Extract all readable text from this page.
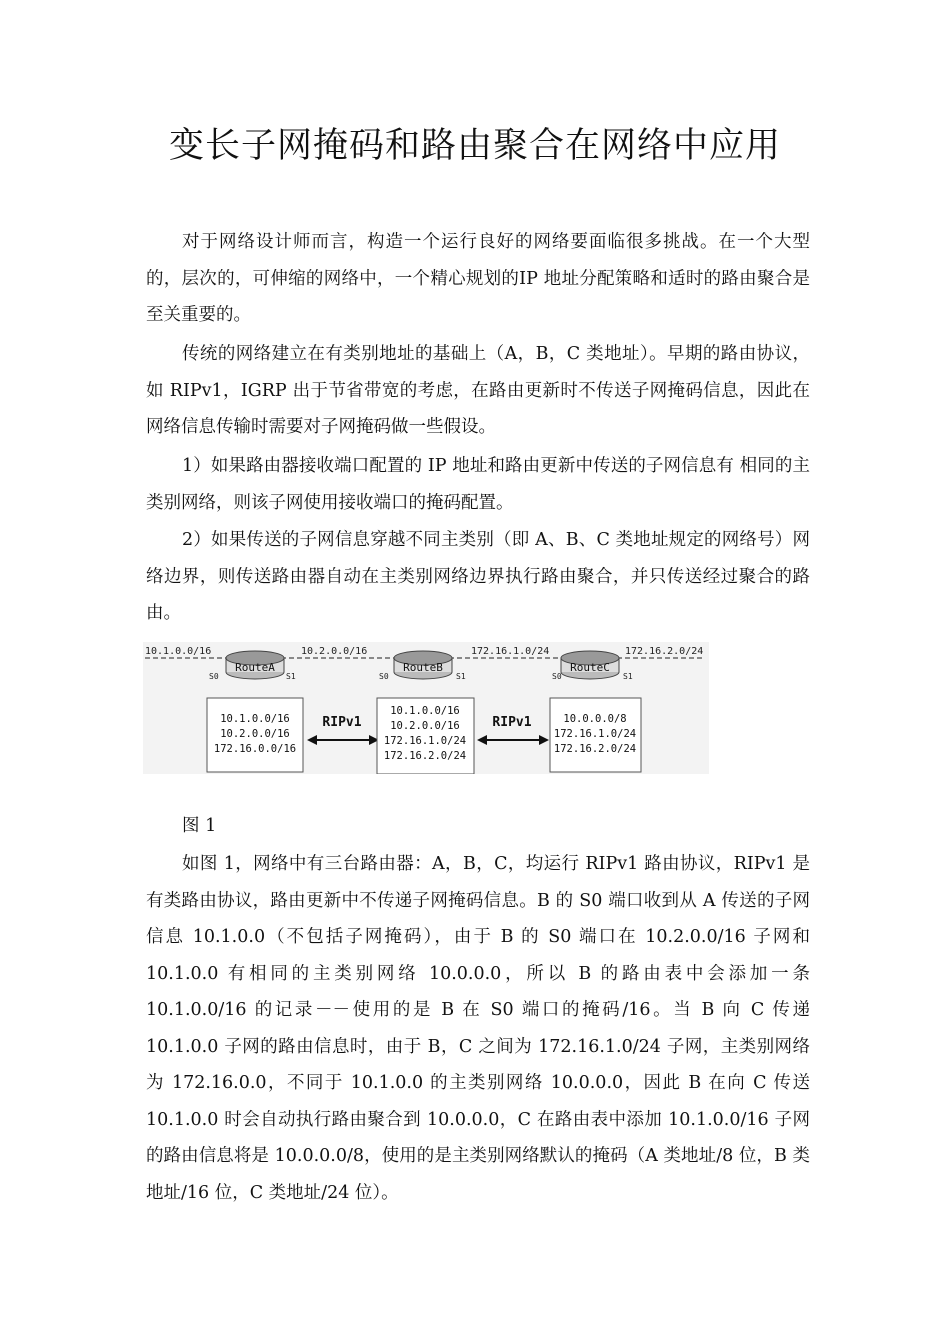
变长子网掩码和路由聚合在网络中应用

对于网络设计师而言，构造一个运行良好的网络要面临很多挑战。在一个大型的，层次的，可伸缩的网络中，一个精心规划的IP 地址分配策略和适时的路由聚合是至关重要的。

传统的网络建立在有类别地址的基础上（A，B，C 类地址）。早期的路由协议，如 RIPv1，IGRP 出于节省带宽的考虑，在路由更新时不传送子网掩码信息，因此在网络信息传输时需要对子网掩码做一些假设。

1）如果路由器接收端口配置的 IP 地址和路由更新中传送的子网信息有 相同的主类别网络，则该子网使用接收端口的掩码配置。

2）如果传送的子网信息穿越不同主类别（即 A、B、C 类地址规定的网络号）网络边界，则传送路由器自动在主类别网络边界执行路由聚合，并只传送经过聚合的路由。

10.1.0.0/16	10.2.0.0/16	172.16.1.0/24	172.16.2.0/24
RouteA
S0	S1
RouteB
S0	S1
RouteC
S0	S1
10.1.0.0/16
10.2.0.0/16
172.16.0.0/16
RIPv1
10.1.0.0/16
10.2.0.0/16
172.16.1.0/24
172.16.2.0/24
RIPv1	10.0.0.0/8
172.16.1.0/24
172.16.2.0/24

图 1

如图 1，网络中有三台路由器：A，B，C，均运行 RIPv1 路由协议，RIPv1 是有类路由协议，路由更新中不传递子网掩码信息。B 的 S0 端口收到从 A 传送的子网信息 10.1.0.0（不包括子网掩码），由于 B 的 S0 端口在 10.2.0.0/16 子网和 10.1.0.0 有相同的主类别网络 10.0.0.0，所以 B 的路由表中会添加一条 10.1.0.0/16 的记录－－使用的是 B 在 S0 端口的掩码/16。当 B 向 C 传递 10.1.0.0 子网的路由信息时，由于 B，C 之间为 172.16.1.0/24 子网，主类别网络为 172.16.0.0，不同于 10.1.0.0 的主类别网络 10.0.0.0，因此 B 在向 C 传送 10.1.0.0 时会自动执行路由聚合到 10.0.0.0，C 在路由表中添加 10.1.0.0/16 子网的路由信息将是 10.0.0.0/8，使用的是主类别网络默认的掩码（A 类地址/8 位，B 类地址/16 位，C 类地址/24 位）。
